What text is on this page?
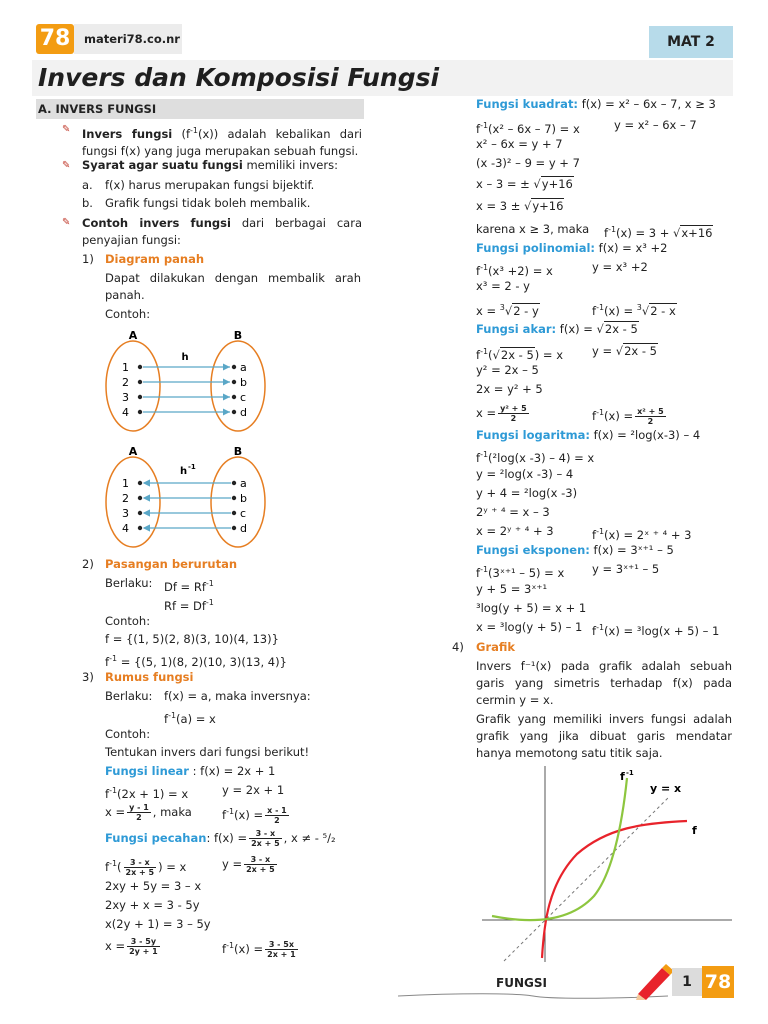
78	materi78.co.nr	MAT 2
Invers dan Komposisi Fungsi
A. INVERS FUNGSI
✎ Invers fungsi $(f^{-1}(x))$ adalah kebalikan dari fungsi f(x) yang juga merupakan sebuah fungsi.
✎ Syarat agar suatu fungsi memiliki invers:
a. f(x) harus merupakan fungsi bijektif.
b. Grafik fungsi tidak boleh membalik.
✎ Contoh invers fungsi dari berbagai cara penyajian fungsi:
1) Diagram panah
Dapat dilakukan dengan membalik arah panah.
Contoh:
A	B
h
1
2
3
4
a
b
c
d
A	B
h -1
1
2
3
4
a
b
c
d
2) Pasangan berurutan
Berlaku: $Df = Rf^{-1}$
$Rf = Df^{-1}$
Contoh:
f = {(1, 5)(2, 8)(3, 10)(4, 13)}
$f^{-1} = \{(5$, 1)(8, 2)(10, 3)(13, 4)}
3) Rumus fungsi
Berlaku: f(x) = a, maka inversnya:
$f^{-1}(a) = x$
Contoh:
Tentukan invers dari fungsi berikut!
Fungsi linear : f(x) = 2x + 1
$f^{-1}(2x + 1) = x$	y = 2x + 1
$x = \frac{y - 1}{2}$ , maka	$f^{-1}(x) = \frac{x - 1}{2}$
Fungsi pecahan: $f(x) = \frac{3 - x}{2x + 5}$ , x ≠ - ⁵/₂
$f^{-1}( \frac{3 - x}{2x + 5}$ ) = x	$y = \frac{3 - x}{2x + 5}$
2xy + 5y = 3 – x
2xy + x = 3 - 5y
x(2y + 1) = 3 – 5y
$x = \frac{3 - 5y}{2y + 1}$	$f^{-1}(x) = \frac{3 - 5x}{2x + 1}$
Fungsi kuadrat: f(x) = x² – 6x – 7, x ≥ 3
$f^{-1}(x^2 - 6x - 7) = x$	y = x² – 6x – 7
x² – 6x = y + 7
(x -3)² – 9 = y + 7
x – 3 = ± √y+16
x = 3 ± √y+16
karena x ≥ 3, maka $f^{-1}(x) = 3 + √x+16$
Fungsi polinomial: f(x) = x³ +2
$f^{-1}(x^3 +2) = x$	y = x³ +2
x³ = 2 - y
x = $^3$√2 - y	$f^{-1}(x) = ^3√2 - x$
Fungsi akar: f(x) = √2x - 5
$f^{-1}(√2x - 5) = x$	y = √2x - 5
y² = 2x – 5
2x = y² + 5
$x = \frac{\text{y² + 5}}{2}$	$f^{-1}(x) = \frac{\text{x² + 5}}{2}$
Fungsi logaritma: f(x) = ²log(x-3) – 4
$f^{-1}(^2\log(x$ -3) – 4) = x
y = ²log(x -3) – 4
y + 4 = ²log(x -3)
2ʸ ⁺ ⁴ = x – 3
x = 2ʸ ⁺ ⁴ + 3	$f^{-1}(x)$ = 2ˣ ⁺ ⁴ + 3
Fungsi eksponen: f(x) = 3ˣ⁺¹ – 5
$f^{-1}(3ˣ^{+1} - 5) = x$ y = 3ˣ⁺¹ – 5
y + 5 = 3ˣ⁺¹
³log(y + 5) = x + 1
x = ³log(y + 5) – 1 $f^{-1}(x) = ^3\log(x + 5) - 1$
4) Grafik
Invers f⁻¹(x) pada grafik adalah sebuah garis yang simetris terhadap f(x) pada cermin y = x.
Grafik yang memiliki invers fungsi adalah grafik yang jika dibuat garis mendatar hanya memotong satu titik saja.
f -1
y = x
f
FUNGSI	1 78
